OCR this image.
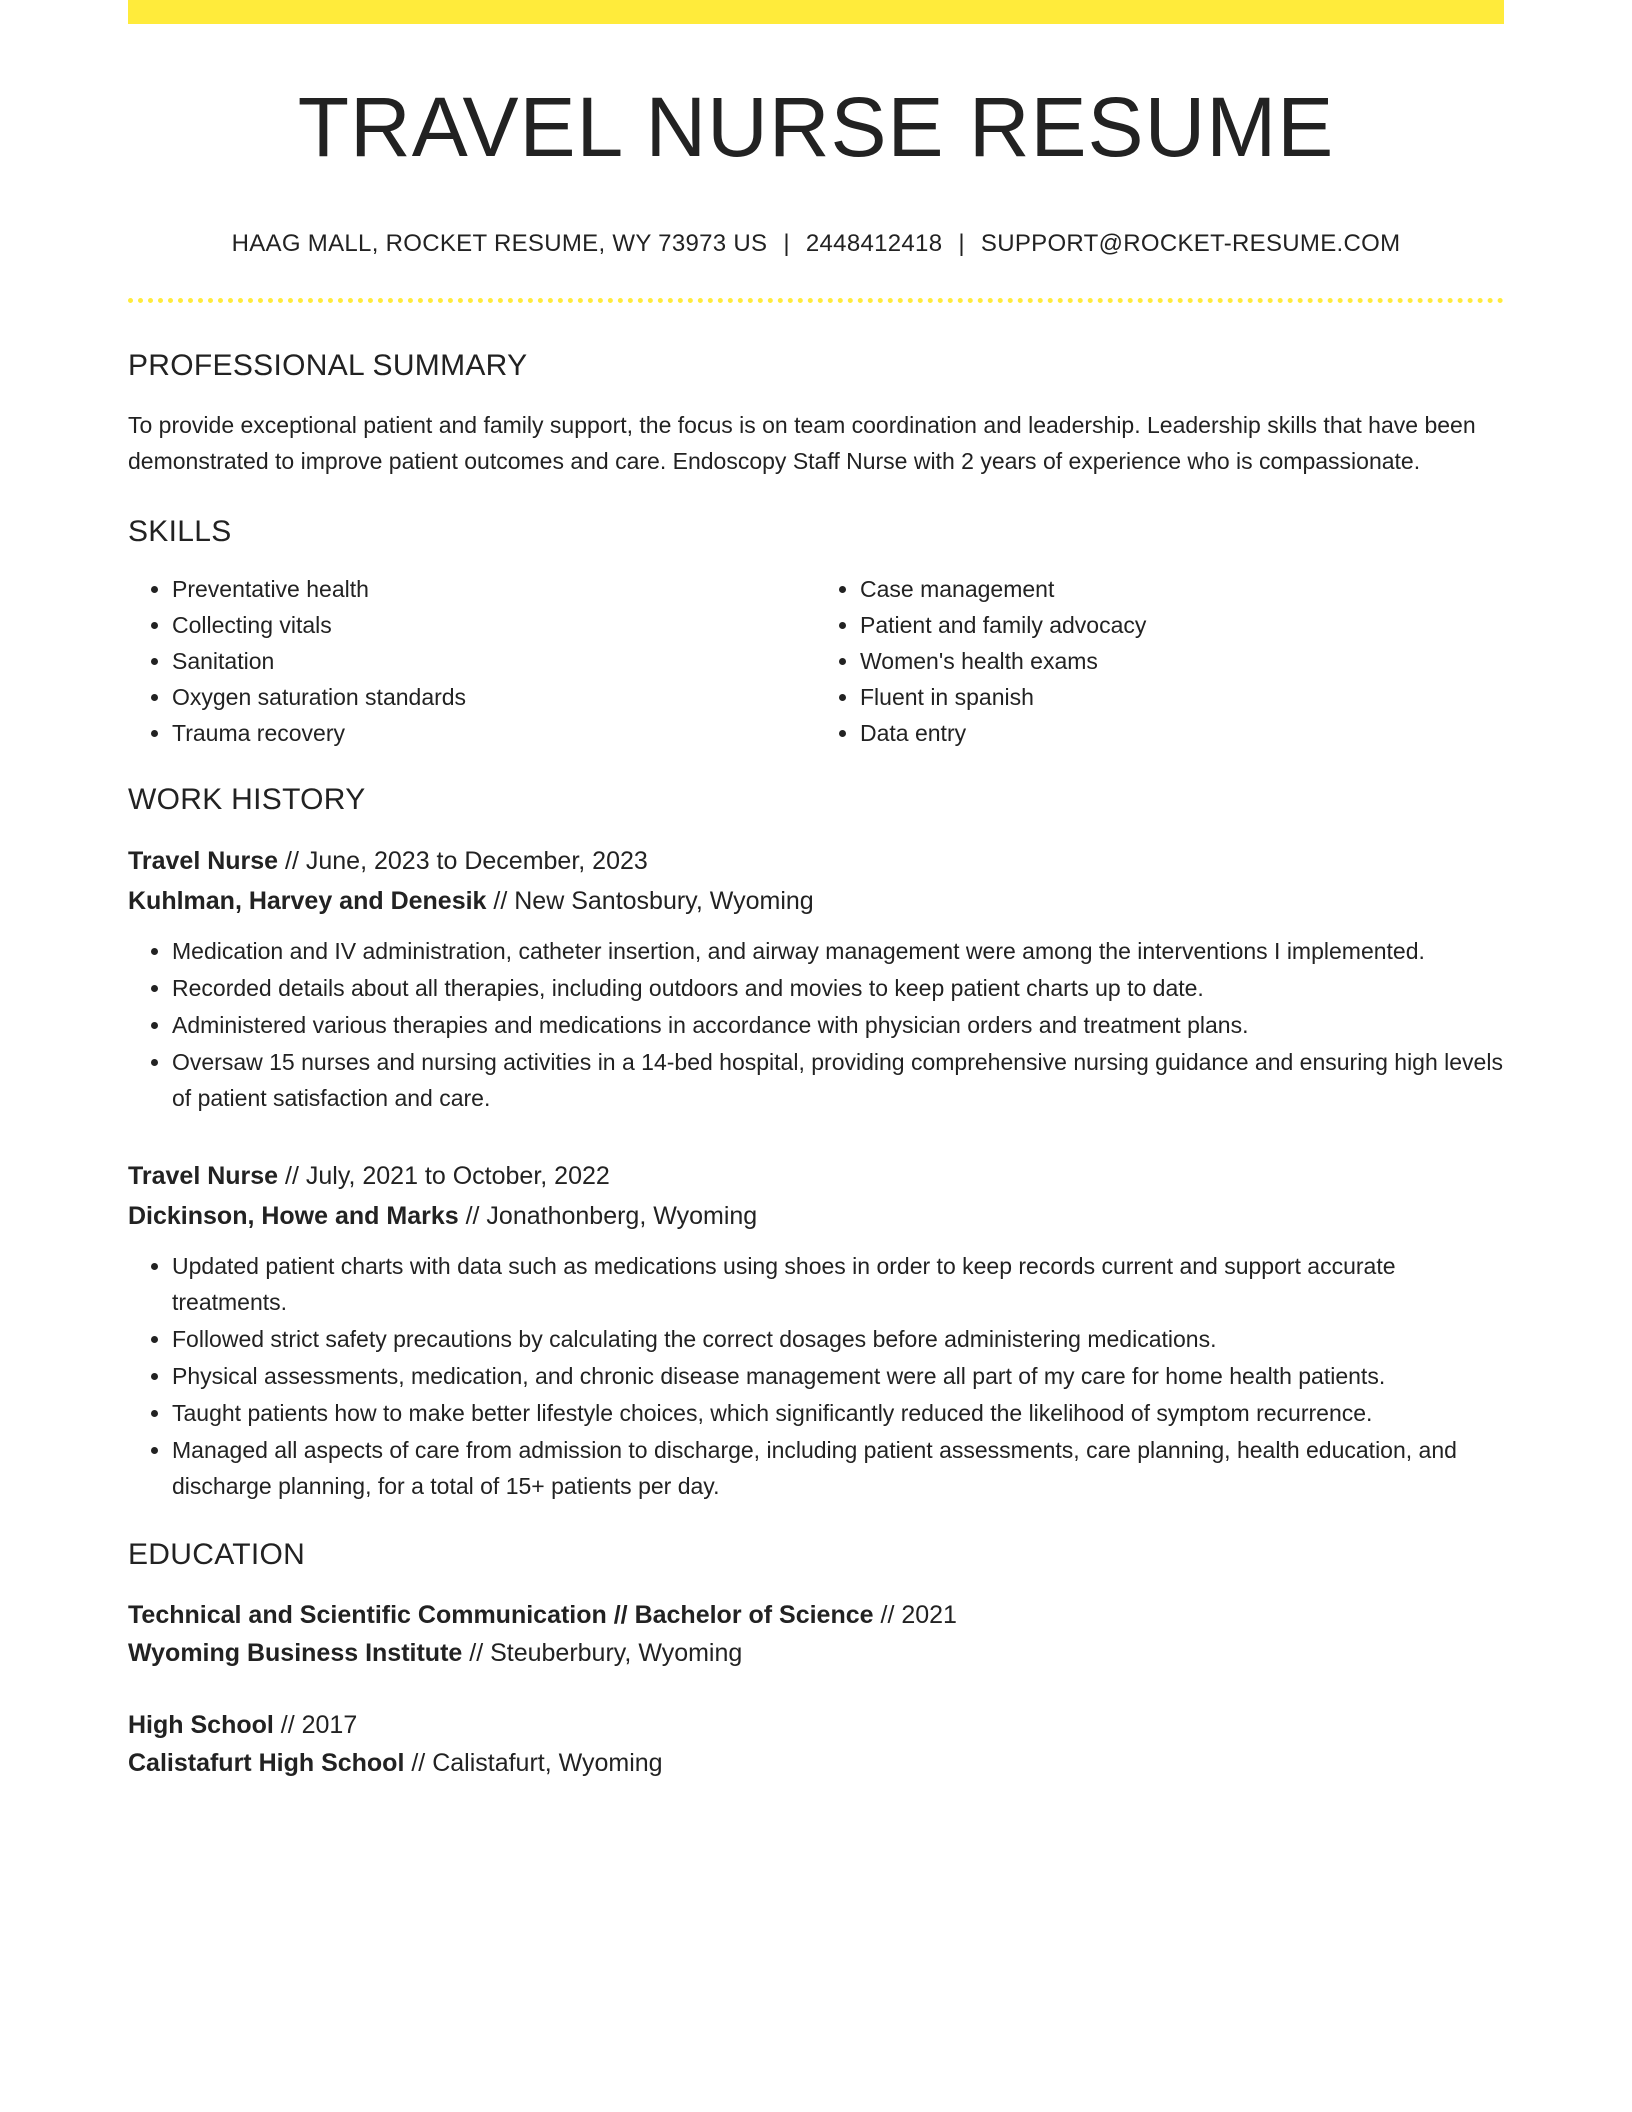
TRAVEL NURSE RESUME
HAAG MALL, ROCKET RESUME, WY 73973 US | 2448412418 | SUPPORT@ROCKET-RESUME.COM
PROFESSIONAL SUMMARY
To provide exceptional patient and family support, the focus is on team coordination and leadership. Leadership skills that have been demonstrated to improve patient outcomes and care. Endoscopy Staff Nurse with 2 years of experience who is compassionate.
SKILLS
• Preventative health
• Collecting vitals
• Sanitation
• Oxygen saturation standards
• Trauma recovery
• Case management
• Patient and family advocacy
• Women's health exams
• Fluent in spanish
• Data entry
WORK HISTORY
Travel Nurse // June, 2023 to December, 2023
Kuhlman, Harvey and Denesik // New Santosbury, Wyoming
• Medication and IV administration, catheter insertion, and airway management were among the interventions I implemented.
• Recorded details about all therapies, including outdoors and movies to keep patient charts up to date.
• Administered various therapies and medications in accordance with physician orders and treatment plans.
• Oversaw 15 nurses and nursing activities in a 14-bed hospital, providing comprehensive nursing guidance and ensuring high levels of patient satisfaction and care.
Travel Nurse // July, 2021 to October, 2022
Dickinson, Howe and Marks // Jonathonberg, Wyoming
• Updated patient charts with data such as medications using shoes in order to keep records current and support accurate treatments.
• Followed strict safety precautions by calculating the correct dosages before administering medications.
• Physical assessments, medication, and chronic disease management were all part of my care for home health patients.
• Taught patients how to make better lifestyle choices, which significantly reduced the likelihood of symptom recurrence.
• Managed all aspects of care from admission to discharge, including patient assessments, care planning, health education, and discharge planning, for a total of 15+ patients per day.
EDUCATION
Technical and Scientific Communication // Bachelor of Science // 2021
Wyoming Business Institute // Steuberbury, Wyoming
High School // 2017
Calistafurt High School // Calistafurt, Wyoming
